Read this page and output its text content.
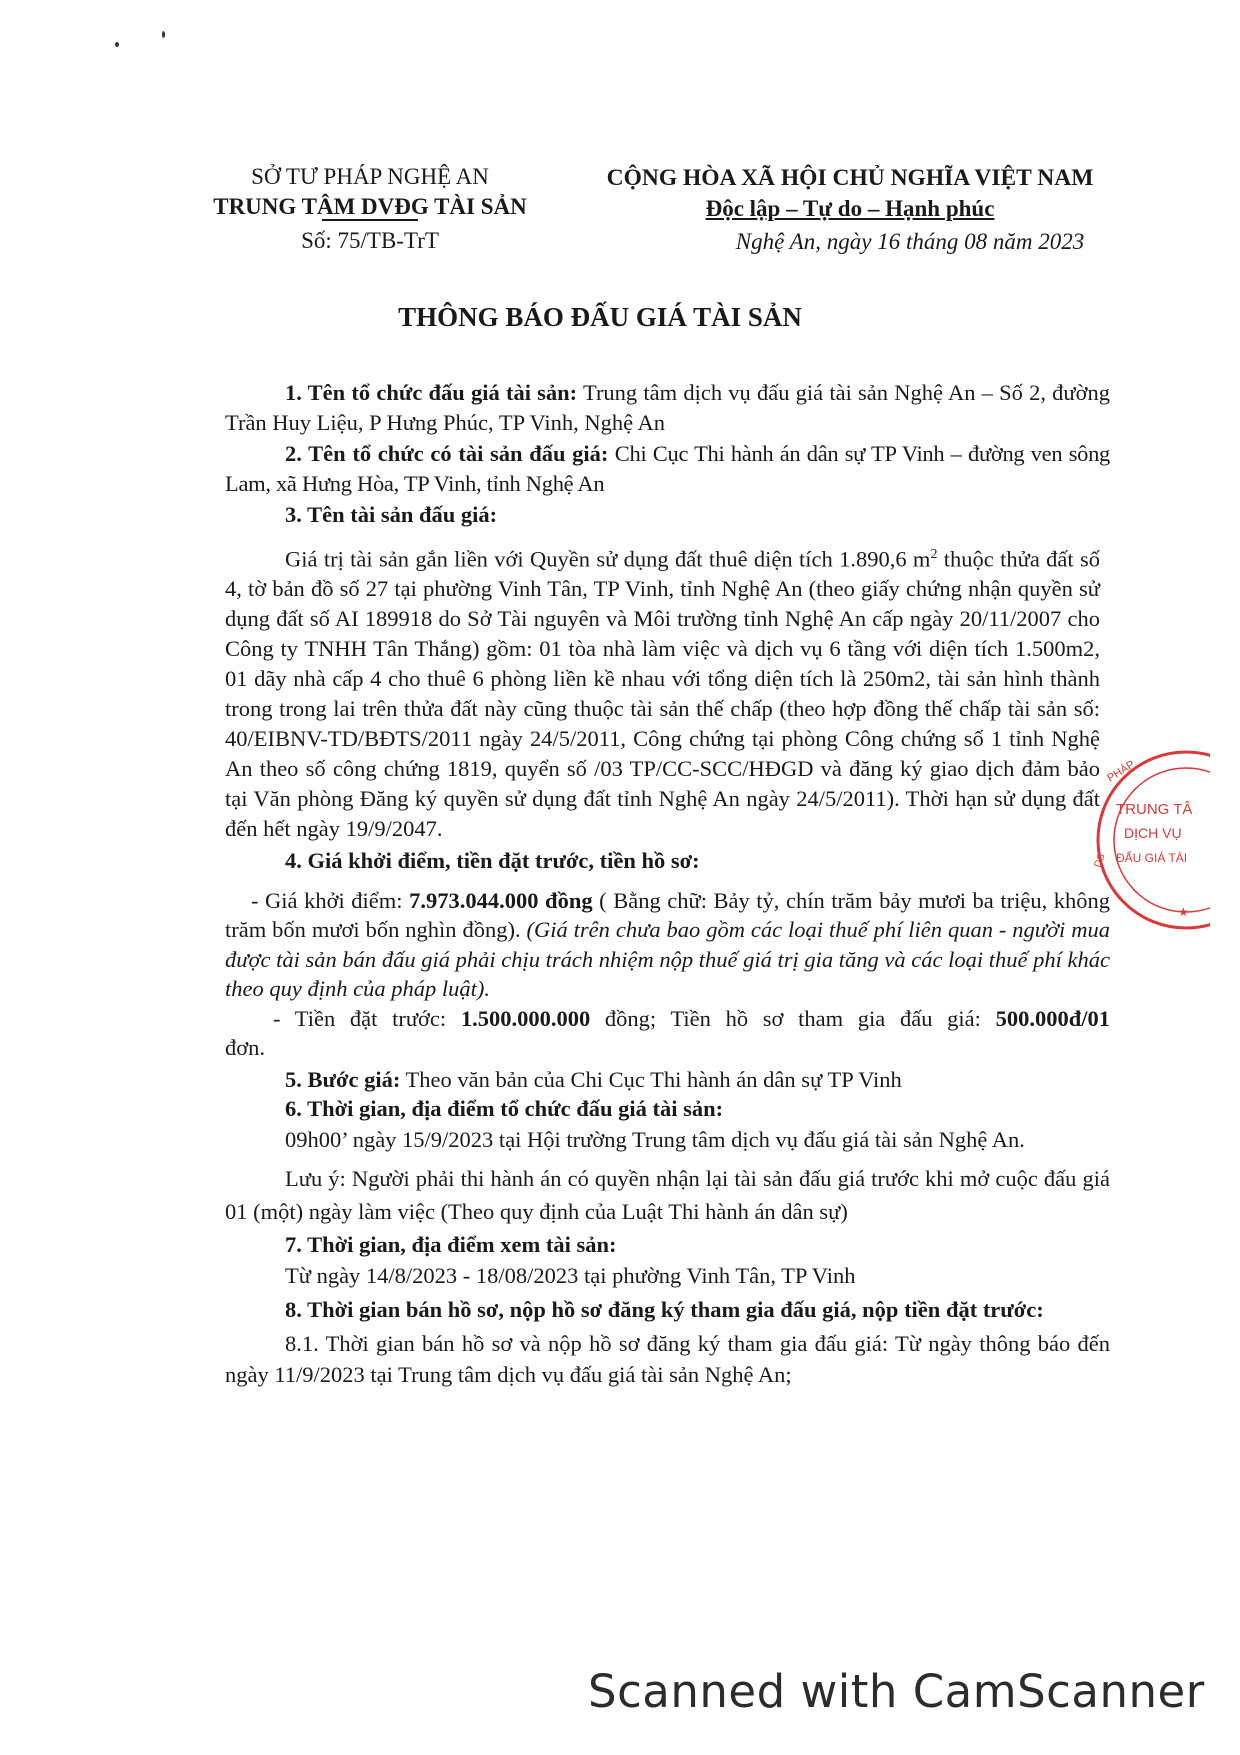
SỞ TƯ PHÁP NGHỆ AN
TRUNG TÂM DVĐG TÀI SẢN
Số: 75/TB-TrT
CỘNG HÒA XÃ HỘI CHỦ NGHĨA VIỆT NAM
Độc lập – Tự do – Hạnh phúc
Nghệ An, ngày 16 tháng 08 năm 2023
THÔNG BÁO ĐẤU GIÁ TÀI SẢN
1. Tên tổ chức đấu giá tài sản: Trung tâm dịch vụ đấu giá tài sản Nghệ An – Số 2, đường Trần Huy Liệu, P Hưng Phúc, TP Vinh, Nghệ An
2. Tên tổ chức có tài sản đấu giá: Chi Cục Thi hành án dân sự TP Vinh – đường ven sông Lam, xã Hưng Hòa, TP Vinh, tỉnh Nghệ An
3. Tên tài sản đấu giá:
Giá trị tài sản gắn liền với Quyền sử dụng đất thuê diện tích 1.890,6 $m^2$ thuộc thửa đất số 4, tờ bản đồ số 27 tại phường Vinh Tân, TP Vinh, tỉnh Nghệ An (theo giấy chứng nhận quyền sử dụng đất số AI 189918 do Sở Tài nguyên và Môi trường tỉnh Nghệ An cấp ngày 20/11/2007 cho Công ty TNHH Tân Thắng) gồm: 01 tòa nhà làm việc và dịch vụ 6 tầng với diện tích 1.500m2, 01 dãy nhà cấp 4 cho thuê 6 phòng liền kề nhau với tổng diện tích là 250m2, tài sản hình thành trong trong lai trên thửa đất này cũng thuộc tài sản thế chấp (theo hợp đồng thế chấp tài sản số: 40/EIBNV-TD/BĐTS/2011 ngày 24/5/2011, Công chứng tại phòng Công chứng số 1 tỉnh Nghệ An theo số công chứng 1819, quyển số /03 TP/CC-SCC/HĐGD và đăng ký giao dịch đảm bảo tại Văn phòng Đăng ký quyền sử dụng đất tỉnh Nghệ An ngày 24/5/2011). Thời hạn sử dụng đất đến hết ngày 19/9/2047.
4. Giá khởi điểm, tiền đặt trước, tiền hồ sơ:
- Giá khởi điểm: 7.973.044.000 đồng ( Bằng chữ: Bảy tỷ, chín trăm bảy mươi ba triệu, không trăm bốn mươi bốn nghìn đồng). (Giá trên chưa bao gồm các loại thuế phí liên quan - người mua được tài sản bán đấu giá phải chịu trách nhiệm nộp thuế giá trị gia tăng và các loại thuế phí khác theo quy định của pháp luật).
- Tiền đặt trước: 1.500.000.000 đồng; Tiền hồ sơ tham gia đấu giá: 500.000đ/01 đơn.
5. Bước giá: Theo văn bản của Chi Cục Thi hành án dân sự TP Vinh
6. Thời gian, địa điểm tổ chức đấu giá tài sản:
09h00’ ngày 15/9/2023 tại Hội trường Trung tâm dịch vụ đấu giá tài sản Nghệ An.
Lưu ý: Người phải thi hành án có quyền nhận lại tài sản đấu giá trước khi mở cuộc đấu giá 01 (một) ngày làm việc (Theo quy định của Luật Thi hành án dân sự)
7. Thời gian, địa điểm xem tài sản:
Từ ngày 14/8/2023 - 18/08/2023 tại phường Vinh Tân, TP Vinh
8. Thời gian bán hồ sơ, nộp hồ sơ đăng ký tham gia đấu giá, nộp tiền đặt trước:
8.1. Thời gian bán hồ sơ và nộp hồ sơ đăng ký tham gia đấu giá: Từ ngày thông báo đến ngày 11/9/2023 tại Trung tâm dịch vụ đấu giá tài sản Nghệ An;
PHÁP
TRUNG TÂ
DỊCH VỤ
ĐẤU GIÁ TÀI
DS
★
Scanned with CamScanner
